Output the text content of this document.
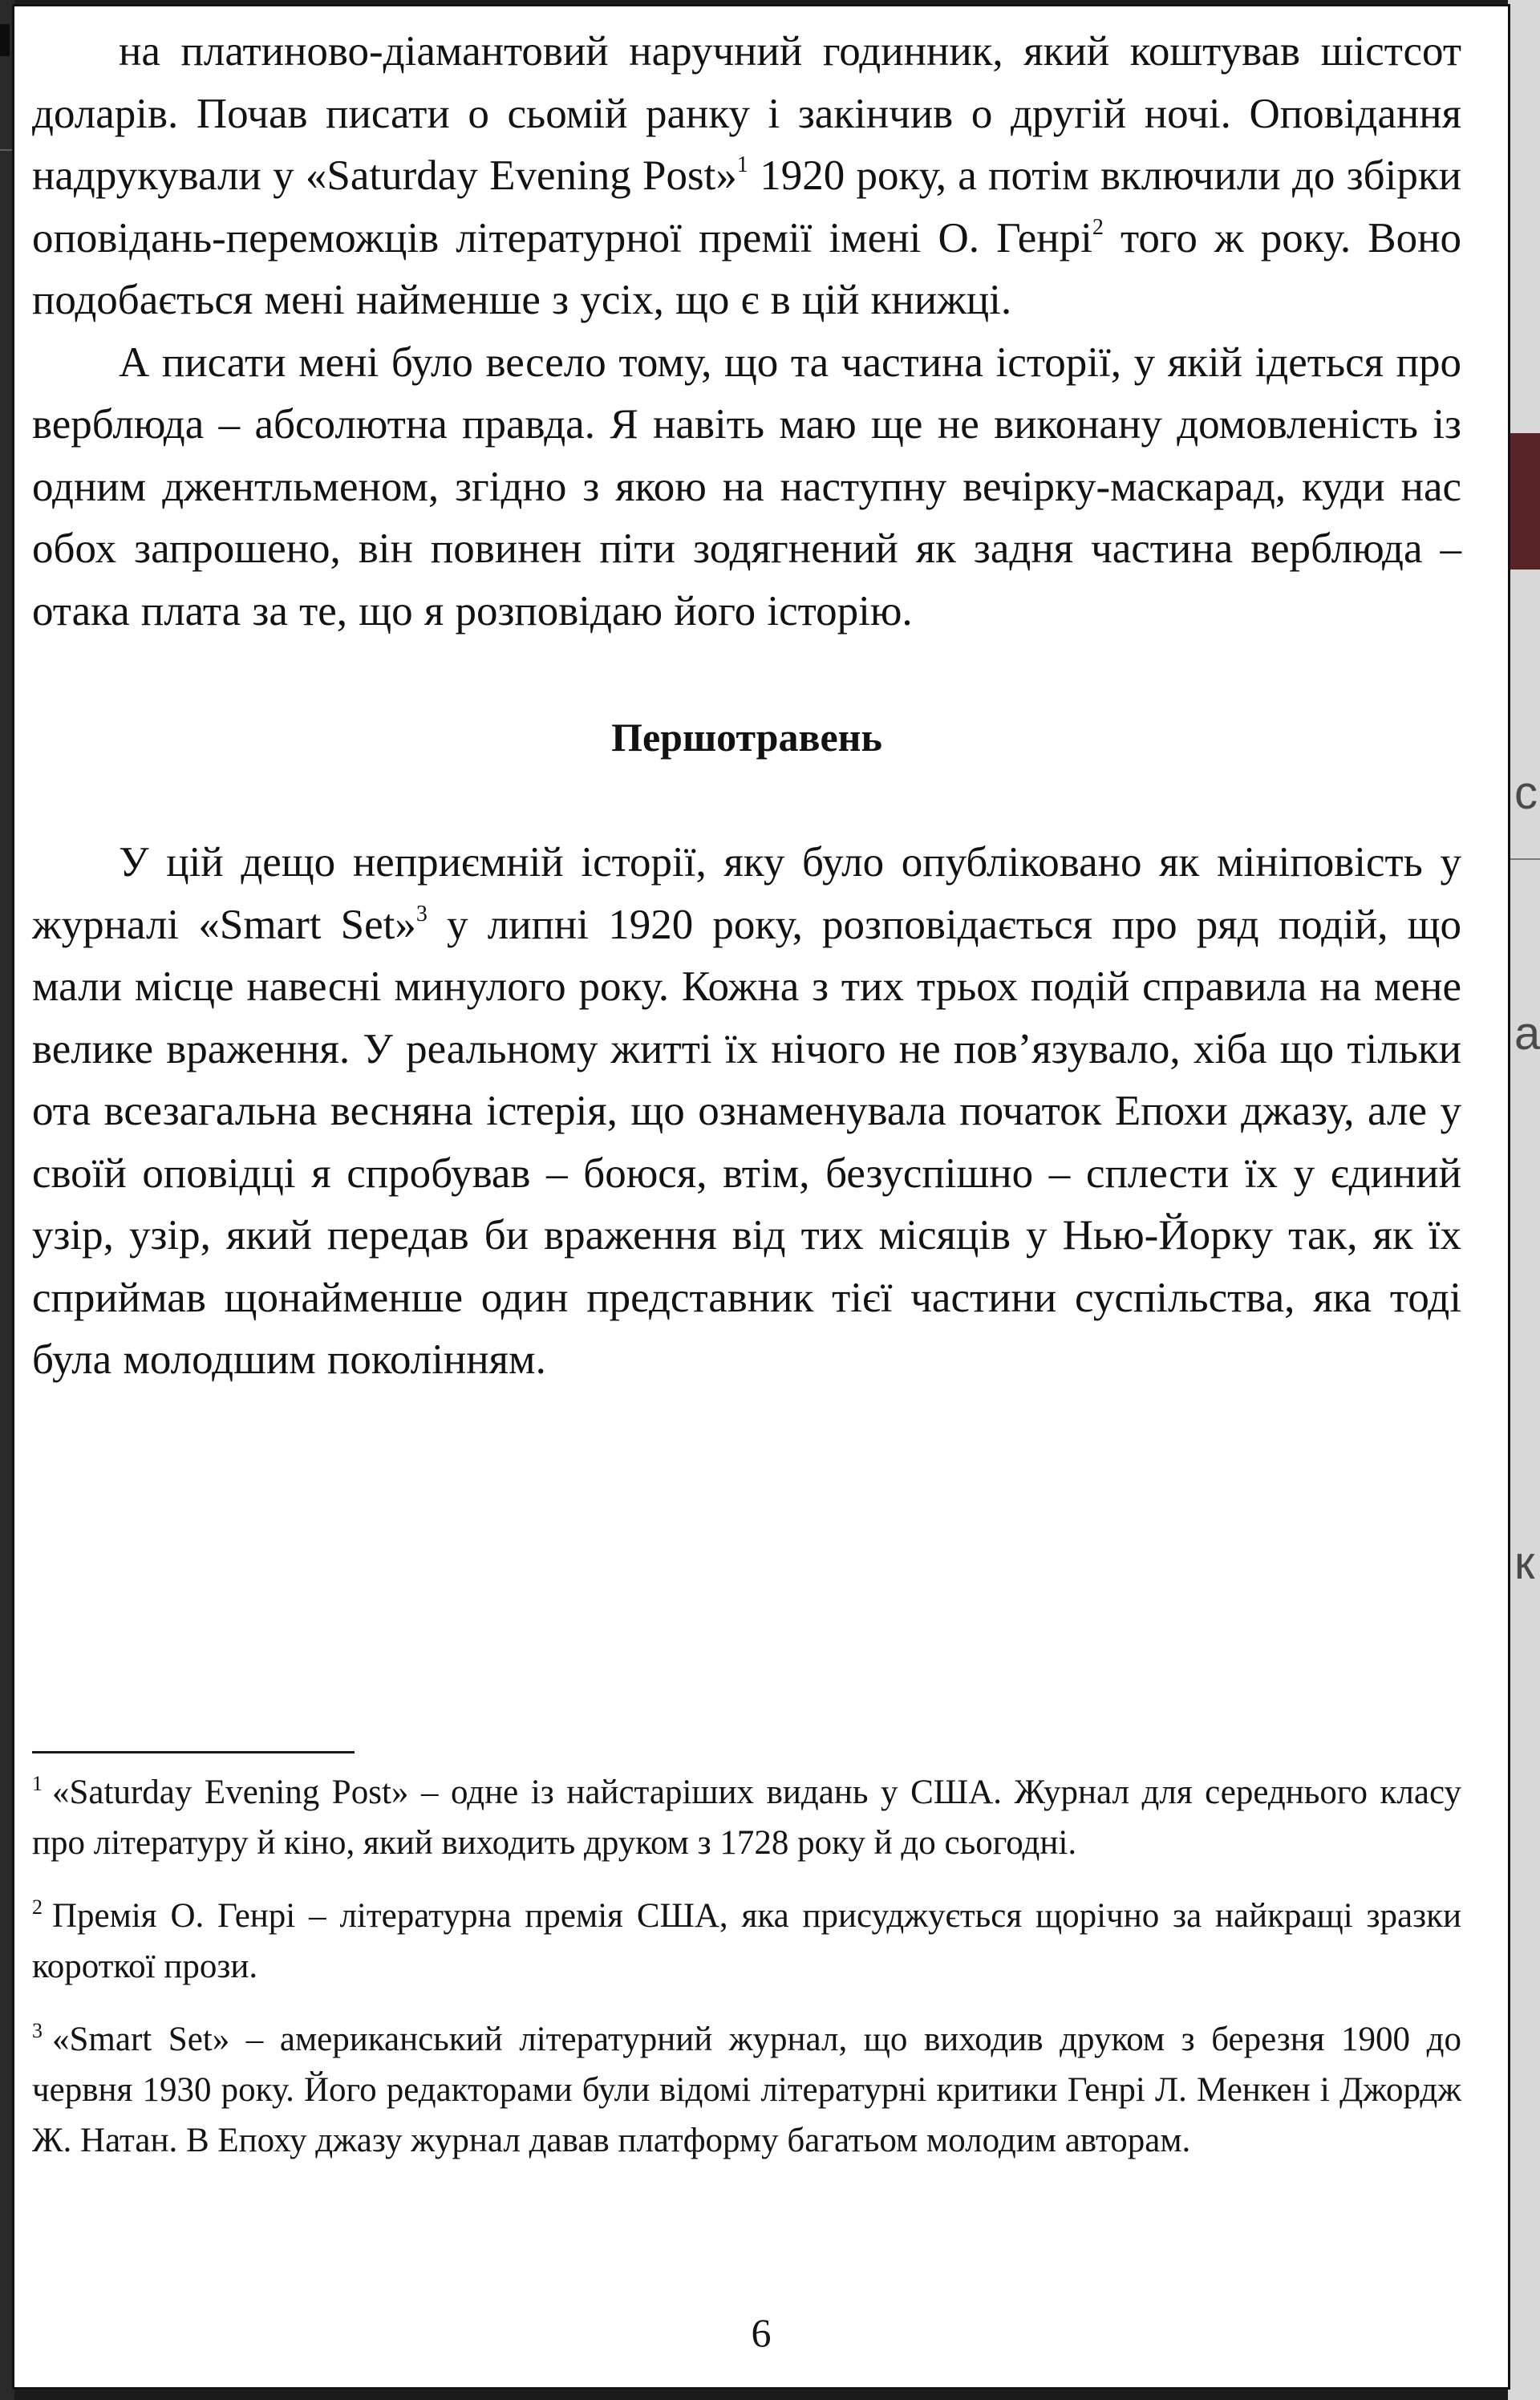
с
а
к

на платиново-діамантовий наручний годинник, який коштував шістсот доларів. Почав писати о сьомій ранку і закінчив о другій ночі. Оповідання надрукували у «Saturday Evening Post»$^1$ 1920 року, а потім включили до збірки оповідань-переможців літературної премії імені О. Генрі$^2$ того ж року. Воно подобається мені найменше з усіх, що є в цій книжці.

А писати мені було весело тому, що та частина історії, у якій ідеться про верблюда – абсолютна правда. Я навіть маю ще не виконану домовленість із одним джентльменом, згідно з якою на наступну вечірку-маскарад, куди нас обох запрошено, він повинен піти зодягнений як задня частина верблюда – отака плата за те, що я розповідаю його історію.

Першотравень

У цій дещо неприємній історії, яку було опубліковано як мініповість у журналі «Smart Set»$^3$ у липні 1920 року, розповідається про ряд подій, що мали місце навесні минулого року. Кожна з тих трьох подій справила на мене велике враження. У реальному житті їх нічого не пов’язувало, хіба що тільки ота всезагальна весняна істерія, що ознаменувала початок Епохи джазу, але у своїй оповідці я спробував – боюся, втім, безуспішно – сплести їх у єдиний узір, узір, який передав би враження від тих місяців у Нью-Йорку так, як їх сприймав щонайменше один представник тієї частини суспільства, яка тоді була молодшим поколінням.

$^1$ «Saturday Evening Post» – одне із найстаріших видань у США. Журнал для середнього класу про літературу й кіно, який виходить друком з 1728 року й до сьогодні.

$^2$ Премія О. Генрі – літературна премія США, яка присуджується щорічно за найкращі зразки короткої прози.

$^3$ «Smart Set» – американський літературний журнал, що виходив друком з березня 1900 до червня 1930 року. Його редакторами були відомі літературні критики Генрі Л. Менкен і Джордж Ж. Натан. В Епоху джазу журнал давав платформу багатьом молодим авторам.

6
